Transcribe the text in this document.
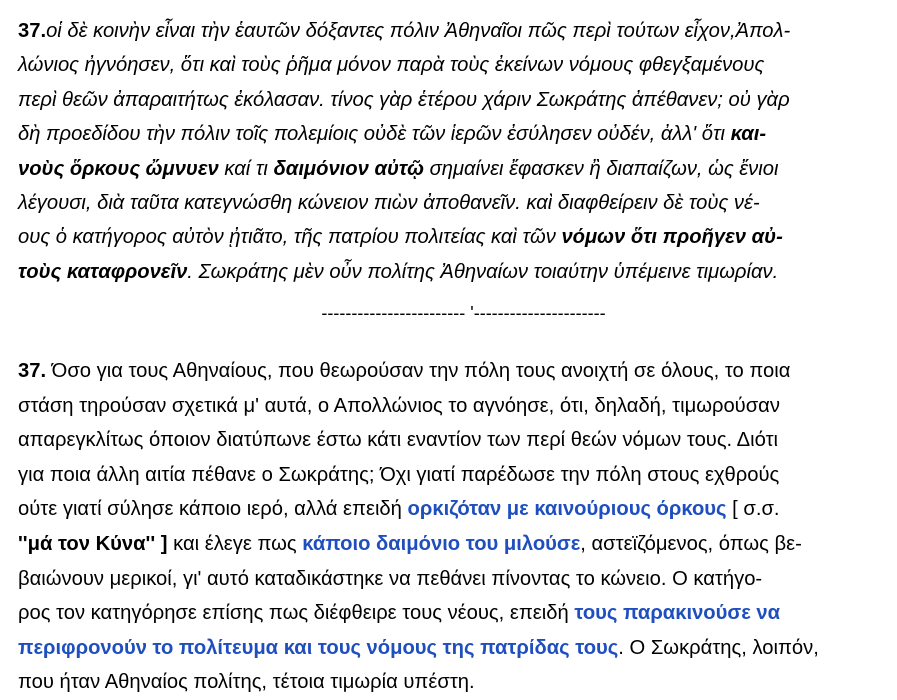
37.οἱ δὲ κοινὴν εἶναι τὴν ἑαυτῶν δόξαντες πόλιν Ἀθηναῖοι πῶς περὶ τούτων εἶχον,Ἀπολ-
λώνιος ἠγνόησεν, ὅτι καὶ τοὺς ῥῆμα μόνον παρὰ τοὺς ἐκείνων νόμους φθεγξαμένους
περὶ θεῶν ἀπαραιτήτως ἐκόλασαν. τίνος γὰρ ἑτέρου χάριν Σωκράτης ἀπέθανεν; οὐ γὰρ
δὴ προεδίδου τὴν πόλιν τοῖς πολεμίοις οὐδὲ τῶν ἱερῶν ἐσύλησεν οὐδέν, ἀλλ' ὅτι και-
νοὺς ὅρκους ὤμνυεν καί τι δαιμόνιον αὐτῷ σημαίνει ἔφασκεν ἢ διαπαίζων, ὡς ἔνιοι
λέγουσι, διὰ ταῦτα κατεγνώσθη κώνειον πιὼν ἀποθανεῖν. καὶ διαφθείρειν δὲ τοὺς νέ-
ους ὁ κατήγορος αὐτὸν ᾐτιᾶτο, τῆς πατρίου πολιτείας καὶ τῶν νόμων ὅτι προῆγεν αὐ-
τοὺς καταφρονεῖν. Σωκράτης μὲν οὖν πολίτης Ἀθηναίων τοιαύτην ὑπέμεινε τιμωρίαν.

------------------------ '----------------------

37. Όσο για τους Αθηναίους, που θεωρούσαν την πόλη τους ανοιχτή σε όλους, το ποια
στάση τηρούσαν σχετικά μ' αυτά, ο Απολλώνιος το αγνόησε, ότι, δηλαδή, τιμωρούσαν
απαρεγκλίτως όποιον διατύπωνε έστω κάτι εναντίον των περί θεών νόμων τους. Διότι
για ποια άλλη αιτία πέθανε ο Σωκράτης; Όχι γιατί παρέδωσε την πόλη στους εχθρούς
ούτε γιατί σύλησε κάποιο ιερό, αλλά επειδή ορκιζόταν με καινούριους όρκους [ σ.σ.
''μά τον Κύνα'' ] και έλεγε πως κάποιο δαιμόνιο του μιλούσε, αστεϊζόμενος, όπως βε-
βαιώνουν μερικοί, γι' αυτό καταδικάστηκε να πεθάνει πίνοντας το κώνειο. Ο κατήγο-
ρος τον κατηγόρησε επίσης πως διέφθειρε τους νέους, επειδή τους παρακινούσε να
περιφρονούν το πολίτευμα και τους νόμους της πατρίδας τους. Ο Σωκράτης, λοιπόν,
που ήταν Αθηναίος πολίτης, τέτοια τιμωρία υπέστη.
